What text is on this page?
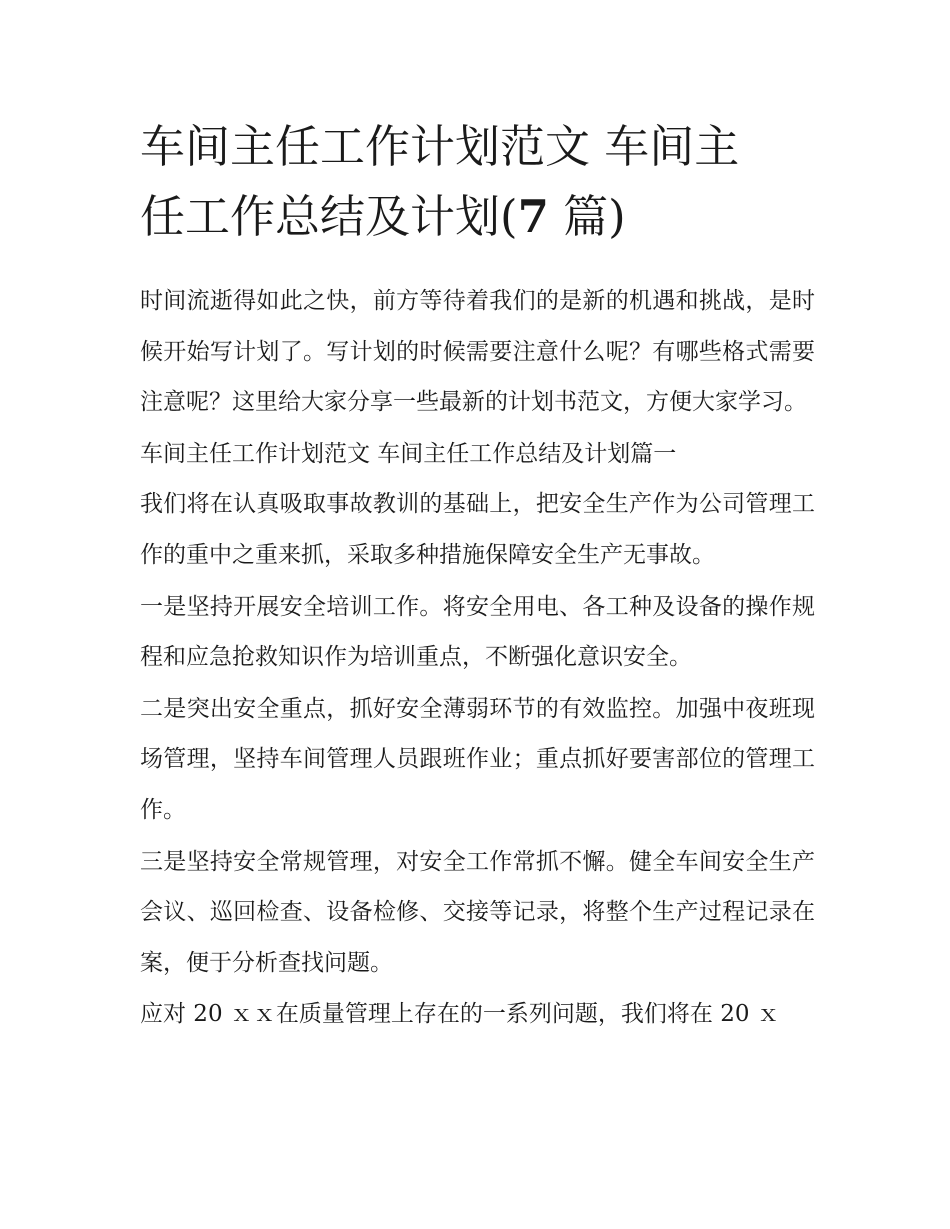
车间主任工作计划范文 车间主
任工作总结及计划(7 篇)

时间流逝得如此之快，前方等待着我们的是新的机遇和挑战，是时候开始写计划了。写计划的时候需要注意什么呢？有哪些格式需要注意呢？这里给大家分享一些最新的计划书范文，方便大家学习。

车间主任工作计划范文 车间主任工作总结及计划篇一

我们将在认真吸取事故教训的基础上，把安全生产作为公司管理工作的重中之重来抓，采取多种措施保障安全生产无事故。

一是坚持开展安全培训工作。将安全用电、各工种及设备的操作规程和应急抢救知识作为培训重点，不断强化意识安全。

二是突出安全重点，抓好安全薄弱环节的有效监控。加强中夜班现场管理，坚持车间管理人员跟班作业；重点抓好要害部位的管理工作。

三是坚持安全常规管理，对安全工作常抓不懈。健全车间安全生产会议、巡回检查、设备检修、交接等记录，将整个生产过程记录在案，便于分析查找问题。

应对 20 ｘｘ在质量管理上存在的一系列问题，我们将在 20 ｘ
